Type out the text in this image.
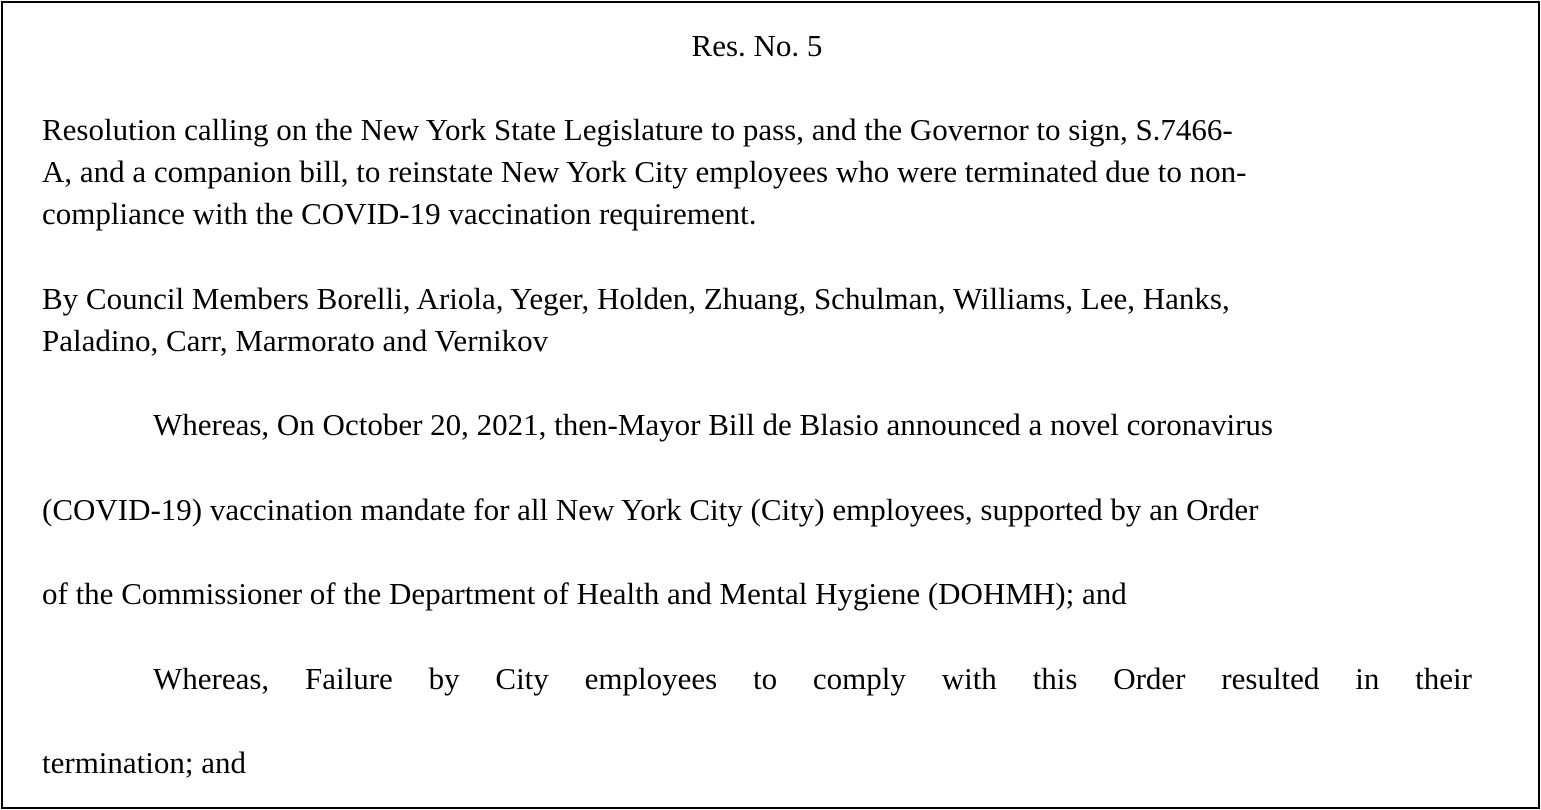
Res. No. 5
Resolution calling on the New York State Legislature to pass, and the Governor to sign, S.7466-
A, and a companion bill, to reinstate New York City employees who were terminated due to non-
compliance with the COVID-19 vaccination requirement.
By Council Members Borelli, Ariola, Yeger, Holden, Zhuang, Schulman, Williams, Lee, Hanks,
Paladino, Carr, Marmorato and Vernikov
Whereas, On October 20, 2021, then-Mayor Bill de Blasio announced a novel coronavirus
(COVID-19) vaccination mandate for all New York City (City) employees, supported by an Order
of the Commissioner of the Department of Health and Mental Hygiene (DOHMH); and
Whereas, Failure by City employees to comply with this Order resulted in their
termination; and
